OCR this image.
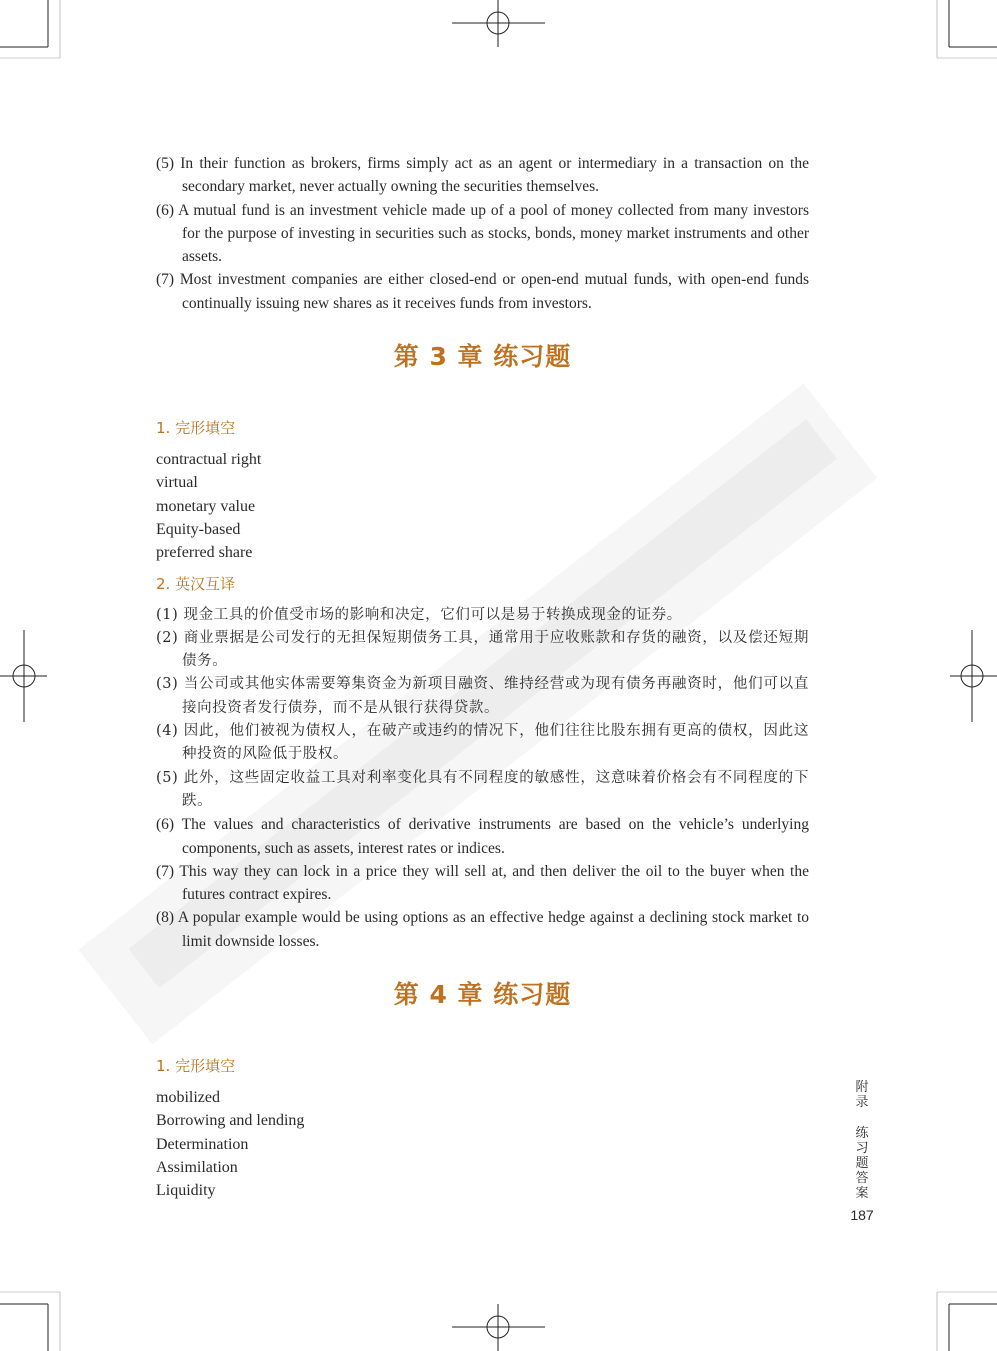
(5) In their function as brokers, firms simply act as an agent or intermediary in a transaction on the secondary market, never actually owning the securities themselves.

(6) A mutual fund is an investment vehicle made up of a pool of money collected from many investors for the purpose of investing in securities such as stocks, bonds, money market instruments and other assets.

(7) Most investment companies are either closed-end or open-end mutual funds, with open-end funds continually issuing new shares as it receives funds from investors.

第 3 章 练习题

1. 完形填空

contractual right

virtual

monetary value

Equity-based

preferred share

2. 英汉互译

(1) 现金工具的价值受市场的影响和决定，它们可以是易于转换成现金的证券。

(2) 商业票据是公司发行的无担保短期债务工具，通常用于应收账款和存货的融资，以及偿还短期债务。

(3) 当公司或其他实体需要筹集资金为新项目融资、维持经营或为现有债务再融资时，他们可以直接向投资者发行债券，而不是从银行获得贷款。

(4) 因此，他们被视为债权人，在破产或违约的情况下，他们往往比股东拥有更高的债权，因此这种投资的风险低于股权。

(5) 此外，这些固定收益工具对利率变化具有不同程度的敏感性，这意味着价格会有不同程度的下跌。

(6) The values and characteristics of derivative instruments are based on the vehicle’s underlying components, such as assets, interest rates or indices.

(7) This way they can lock in a price they will sell at, and then deliver the oil to the buyer when the futures contract expires.

(8) A popular example would be using options as an effective hedge against a declining stock market to limit downside losses.

第 4 章 练习题

1. 完形填空

mobilized

Borrowing and lending

Determination

Assimilation

Liquidity

附录
练习题答案
187
